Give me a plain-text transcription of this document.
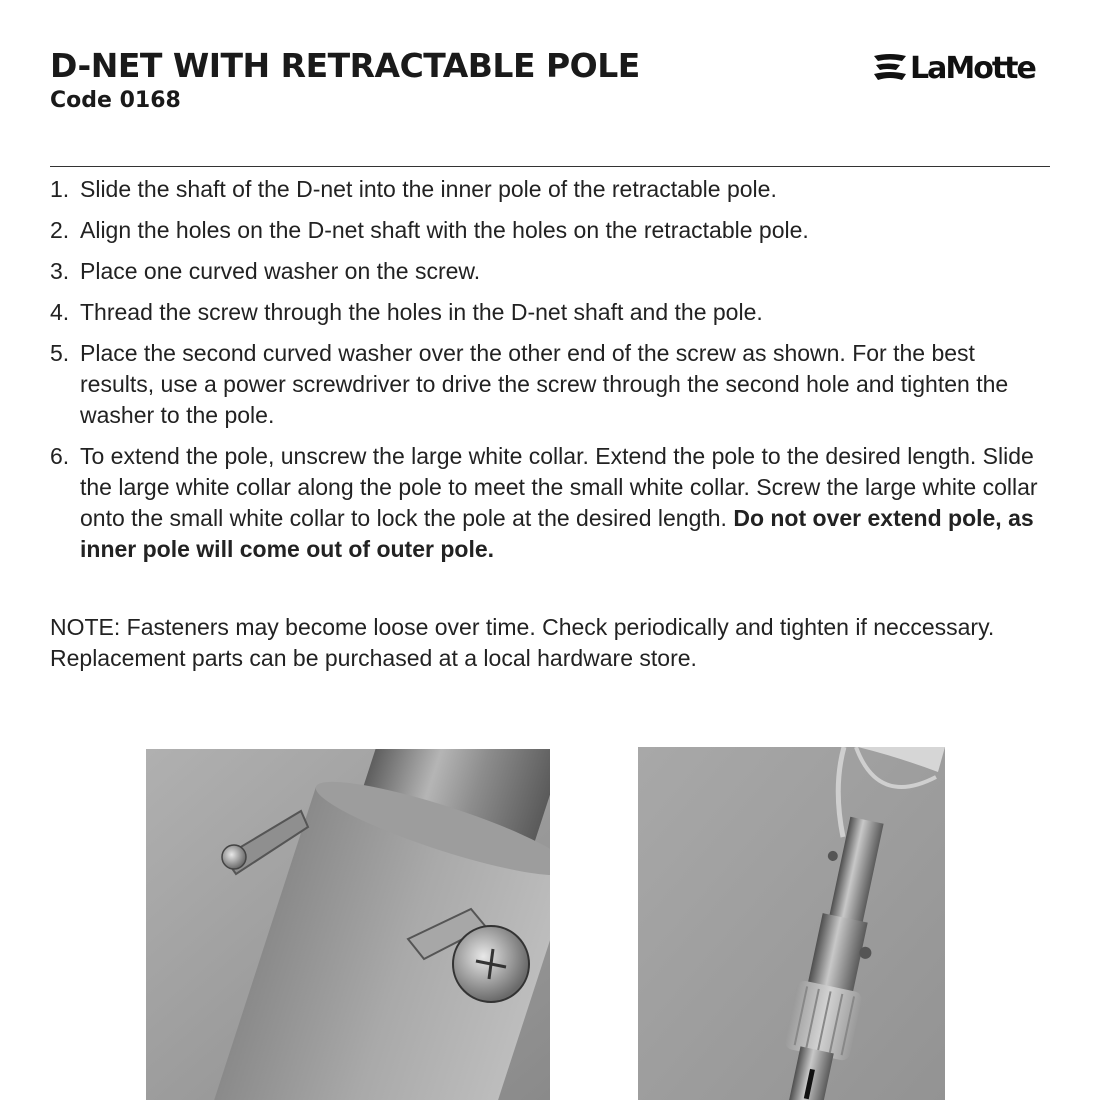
D-NET WITH RETRACTABLE POLE
Code 0168
LaMotte
1. Slide the shaft of the D-net into the inner pole of the retractable pole.
2. Align the holes on the D-net shaft with the holes on the retractable pole.
3. Place one curved washer on the screw.
4. Thread the screw through the holes in the D-net shaft and the pole.
5. Place the second curved washer over the other end of the screw as shown. For the best results, use a power screwdriver to drive the screw through the second hole and tighten the washer to the pole.
6. To extend the pole, unscrew the large white collar. Extend the pole to the desired length. Slide the large white collar along the pole to meet the small white collar. Screw the large white collar onto the small white collar to lock the pole at the desired length. Do not over extend pole, as inner pole will come out of outer pole.

NOTE: Fasteners may become loose over time. Check periodically and tighten if neccessary. Replacement parts can be purchased at a local hardware store.
